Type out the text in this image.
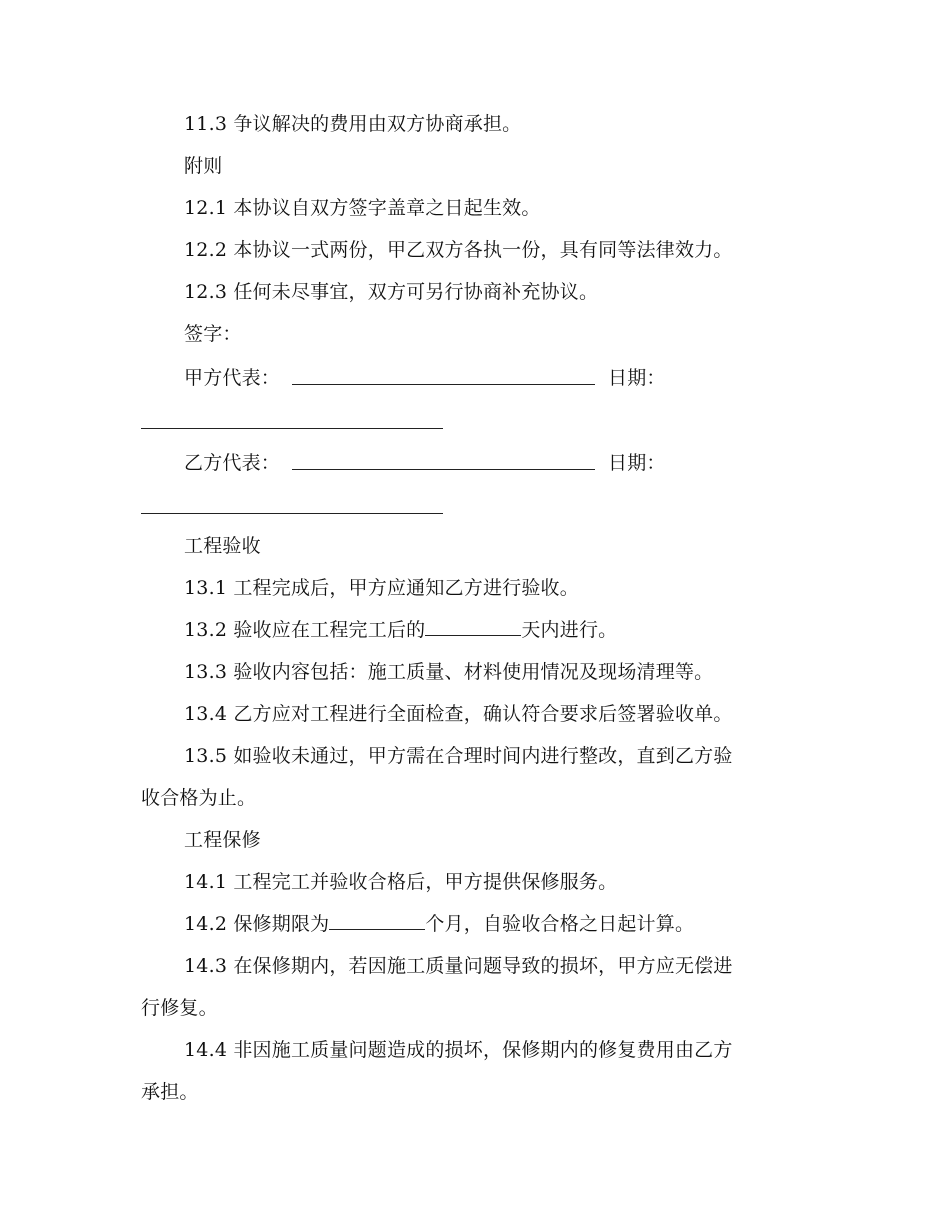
11.3 争议解决的费用由双方协商承担。
附则
12.1 本协议自双方签字盖章之日起生效。
12.2 本协议一式两份，甲乙双方各执一份，具有同等法律效力。
12.3 任何未尽事宜，双方可另行协商补充协议。
签字：
甲方代表：	日期：
乙方代表：	日期：
工程验收
13.1 工程完成后，甲方应通知乙方进行验收。
13.2 验收应在工程完工后的	天内进行。
13.3 验收内容包括：施工质量、材料使用情况及现场清理等。
13.4 乙方应对工程进行全面检查，确认符合要求后签署验收单。
13.5 如验收未通过，甲方需在合理时间内进行整改，直到乙方验
收合格为止。
工程保修
14.1 工程完工并验收合格后，甲方提供保修服务。
14.2 保修期限为	个月，自验收合格之日起计算。
14.3 在保修期内，若因施工质量问题导致的损坏，甲方应无偿进
行修复。
14.4 非因施工质量问题造成的损坏，保修期内的修复费用由乙方
承担。
